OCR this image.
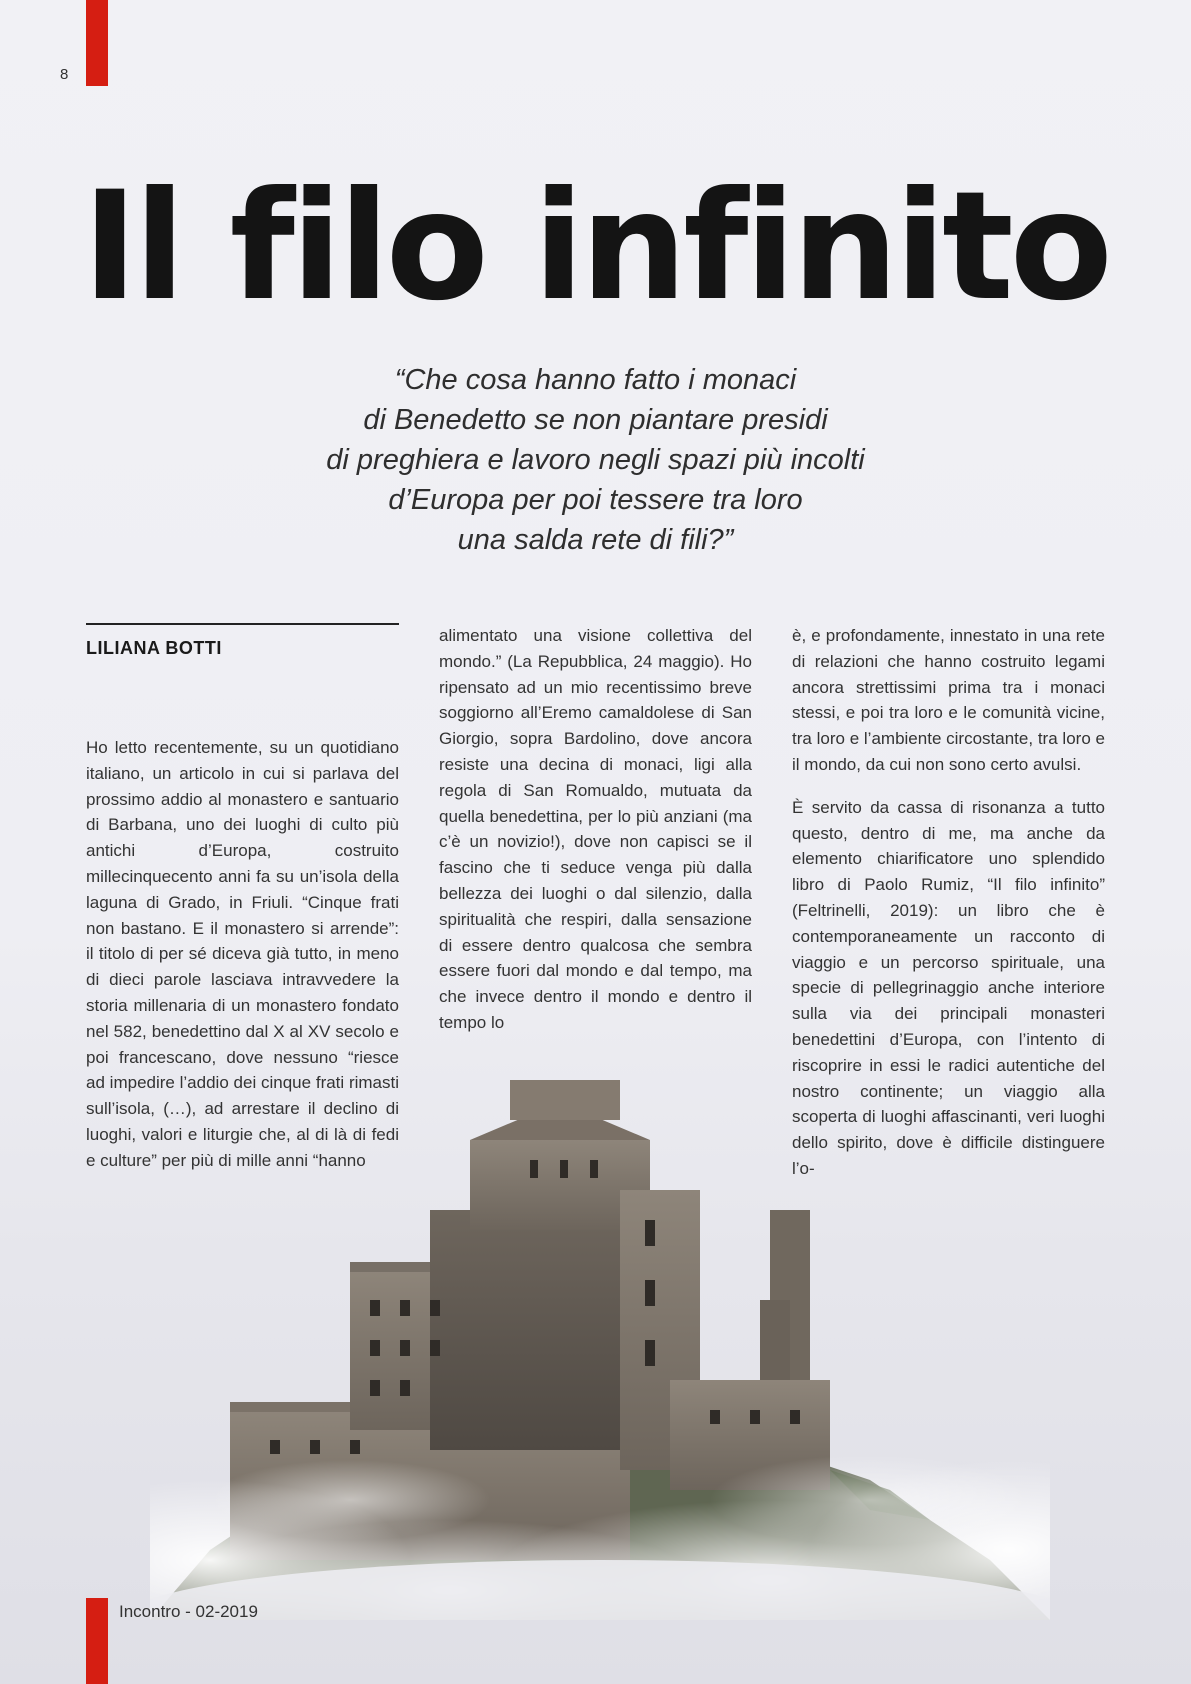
8
Il filo infinito
“Che cosa hanno fatto i monaci
di Benedetto se non piantare presidi
di preghiera e lavoro negli spazi più incolti
d’Europa per poi tessere tra loro
una salda rete di fili?”
LILIANA BOTTI

Ho letto recentemente, su un quotidiano italiano, un articolo in cui si parlava del prossimo addio al monastero e santuario di Barbana, uno dei luoghi di culto più antichi d’Europa, costruito millecinquecento anni fa su un’isola della laguna di Grado, in Friuli. “Cinque frati non bastano. E il monastero si arrende”: il titolo di per sé diceva già tutto, in meno di dieci parole lasciava intravvedere la storia millenaria di un monastero fondato nel 582, benedettino dal X al XV secolo e poi francescano, dove nessuno “riesce ad impedire l’addio dei cinque frati rimasti sull’isola, (…), ad arrestare il declino di luoghi, valori e liturgie che, al di là di fedi e culture” per più di mille anni “hanno

alimentato una visione collettiva del mondo.” (La Repubblica, 24 maggio). Ho ripensato ad un mio recentissimo breve soggiorno all’Eremo camaldolese di San Giorgio, sopra Bardolino, dove ancora resiste una decina di monaci, ligi alla regola di San Romualdo, mutuata da quella benedettina, per lo più anziani (ma c’è un novizio!), dove non capisci se il fascino che ti seduce venga più dalla bellezza dei luoghi o dal silenzio, dalla spiritualità che respiri, dalla sensazione di essere dentro qualcosa che sembra essere fuori dal mondo e dal tempo, ma che invece dentro il mondo e dentro il tempo lo

è, e profondamente, innestato in una rete di relazioni che hanno costruito legami ancora strettissimi prima tra i monaci stessi, e poi tra loro e le comunità vicine, tra loro e l’ambiente circostante, tra loro e il mondo, da cui non sono certo avulsi.

È servito da cassa di risonanza a tutto questo, dentro di me, ma anche da elemento chiarificatore uno splendido libro di Paolo Rumiz, “Il filo infinito” (Feltrinelli, 2019): un libro che è contemporaneamente un racconto di viaggio e un percorso spirituale, una specie di pellegrinaggio anche interiore sulla via dei principali monasteri benedettini d’Europa, con l’intento di riscoprire in essi le radici autentiche del nostro continente; un viaggio alla scoperta di luoghi affascinanti, veri luoghi dello spirito, dove è difficile distinguere l’o-

Incontro - 02-2019
